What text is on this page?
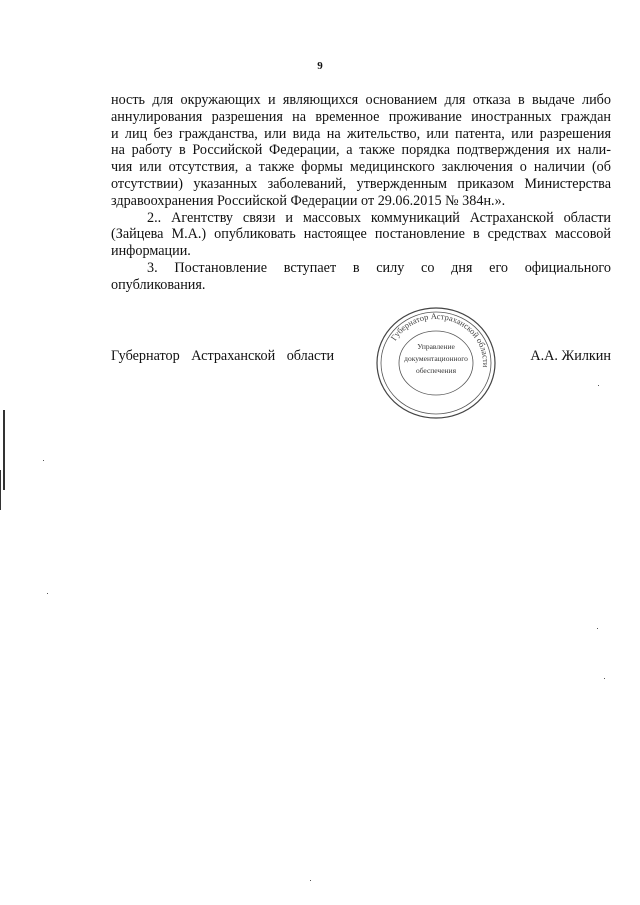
9
ность для окружающих и являющихся основанием для отказа в выдаче либо
аннулирования разрешения на временное проживание иностранных граждан
и лиц без гражданства, или вида на жительство, или патента, или разрешения
на работу в Российской Федерации, а также порядка подтверждения их нали-
чия или отсутствия, а также формы медицинского заключения о наличии (об
отсутствии) указанных заболеваний, утвержденным приказом Министерства
здравоохранения Российской Федерации от 29.06.2015 № 384н.».
2.. Агентству связи и массовых коммуникаций Астраханской области
(Зайцева М.А.) опубликовать настоящее постановление в средствах массовой
информации.
3. Постановление вступает в силу со дня его официального
опубликования.
Губернатор Астраханской области	А.А. Жилкин
Губернатор Астраханской области
Управление
документационного
обеспечения
